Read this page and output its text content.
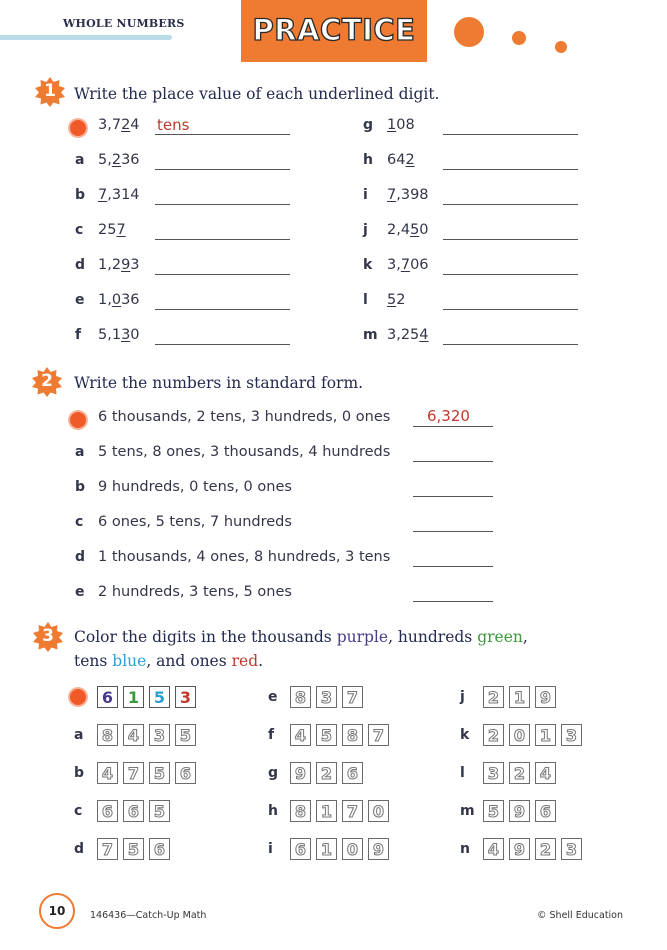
WHOLE NUMBERS	PRACTICE
1	Write the place value of each underlined digit.
2	Write the numbers in standard form.
3	Color the digits in the thousands purple, hundreds green,
tens blue, and ones red.
10	146436—Catch-Up Math	© Shell Education
3,724 tens
a 5,236
b 7,314
c 257
d 1,293
e 1,036
f 5,130
g 108
h 642
i 7,398
j 2,450
k 3,706
l 52
m 3,254
6 thousands, 2 tens, 3 hundreds, 0 ones 6,320
a 5 tens, 8 ones, 3 thousands, 4 hundreds
b 9 hundreds, 0 tens, 0 ones
c 6 ones, 5 tens, 7 hundreds
d 1 thousands, 4 ones, 8 hundreds, 3 tens
e 2 hundreds, 3 tens, 5 ones
6 1 5 3
a	8 4 3 5
b	4 7 5 6
c	6 6 5
d	7 5 6
e	8 3 7
f	4 5 8 7
g	9 2 6
h	8 1 7 0
i	6 1 0 9
j	2 1 9
k	2 0 1 3
l	3 2 4
m 5 9 6
n	4 9 2 3
